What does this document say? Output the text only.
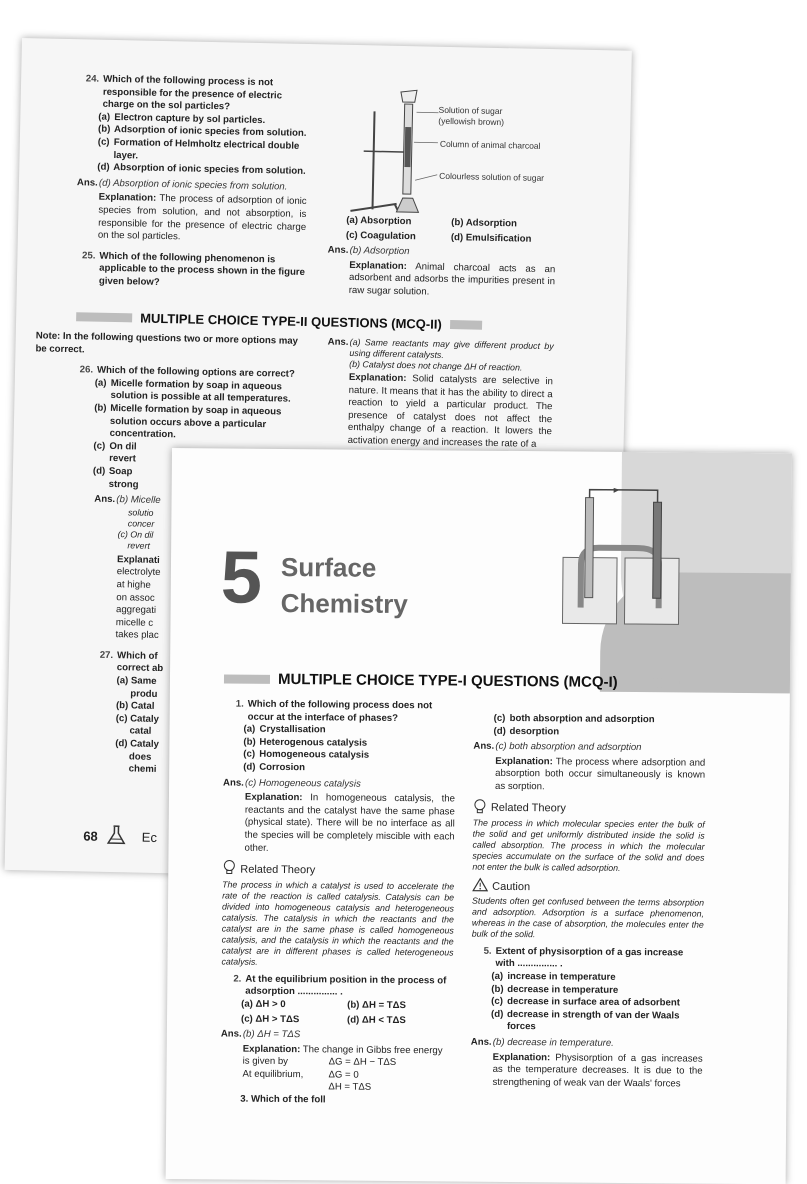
24. Which of the following process is not responsible for the presence of electric charge on the sol particles?
(a) Electron capture by sol particles.
(b) Adsorption of ionic species from solution.
(c) Formation of Helmholtz electrical double layer.
(d) Absorption of ionic species from solution.
Ans. (d) Absorption of ionic species from solution.
Explanation: The process of adsorption of ionic species from solution, and not absorption, is responsible for the presence of electric charge on the sol particles.
25. Which of the following phenomenon is applicable to the process shown in the figure given below?
Solution of sugar
(yellowish brown)
Column of animal charcoal
Colourless solution of sugar
(a) Absorption	(b) Adsorption
(c) Coagulation	(d) Emulsification
Ans. (b) Adsorption
Explanation: Animal charcoal acts as an adsorbent and adsorbs the impurities present in raw sugar solution.
MULTIPLE CHOICE TYPE-II QUESTIONS (MCQ-II)
Note: In the following questions two or more options may be correct.
26. Which of the following options are correct?
(a) Micelle formation by soap in aqueous solution is possible at all temperatures.
(b) Micelle formation by soap in aqueous solution occurs above a particular concentration.
(c) On dil
revert
(d) Soap
strong
Ans. (b) Micelle
solutio
concer
(c) On dil
revert
Explanati
electrolyte
at highe
on assoc
aggregati
micelle c
takes plac
27. Which of
correct ab
(a) Same
produ
(b) Catal
(c) Cataly
catal
(d) Cataly
does
chemi
Ans. (a) Same reactants may give different product by using different catalysts.
(b) Catalyst does not change ΔH of reaction.
Explanation: Solid catalysts are selective in nature. It means that it has the ability to direct a reaction to yield a particular product. The presence of catalyst does not affect the enthalpy change of a reaction. It lowers the activation energy and increases the rate of a
68	Ec
5 Surface
Chemistry
MULTIPLE CHOICE TYPE-I QUESTIONS (MCQ-I)
1. Which of the following process does not occur at the interface of phases?
(a) Crystallisation
(b) Heterogenous catalysis
(c) Homogeneous catalysis
(d) Corrosion
Ans. (c) Homogeneous catalysis
Explanation: In homogeneous catalysis, the reactants and the catalyst have the same phase (physical state). There will be no interface as all the species will be completely miscible with each other.
Related Theory
The process in which a catalyst is used to accelerate the rate of the reaction is called catalysis. Catalysis can be divided into homogeneous catalysis and heterogeneous catalysis. The catalysis in which the reactants and the catalyst are in the same phase is called homogeneous catalysis, and the catalysis in which the reactants and the catalyst are in different phases is called heterogeneous catalysis.
2. At the equilibrium position in the process of adsorption ............... .
(a) ΔH > 0	(b) ΔH = TΔS
(c) ΔH > TΔS	(d) ΔH < TΔS
Ans. (b) ΔH = TΔS
Explanation: The change in Gibbs free energy
is given by	ΔG = ΔH − TΔS
At equilibrium,	ΔG = 0
ΔH = TΔS
3. Which of the foll
(c) both absorption and adsorption
(d) desorption
Ans. (c) both absorption and adsorption
Explanation: The process where adsorption and absorption both occur simultaneously is known as sorption.
Related Theory
The process in which molecular species enter the bulk of the solid and get uniformly distributed inside the solid is called absorption. The process in which the molecular species accumulate on the surface of the solid and does not enter the bulk is called adsorption.
Caution
Students often get confused between the terms absorption and adsorption. Adsorption is a surface phenomenon, whereas in the case of absorption, the molecules enter the bulk of the solid.
5. Extent of physisorption of a gas increase with ............... .
(a) increase in temperature
(b) decrease in temperature
(c) decrease in surface area of adsorbent
(d) decrease in strength of van der Waals forces
Ans. (b) decrease in temperature.
Explanation: Physisorption of a gas increases as the temperature decreases. It is due to the strengthening of weak van der Waals' forces
